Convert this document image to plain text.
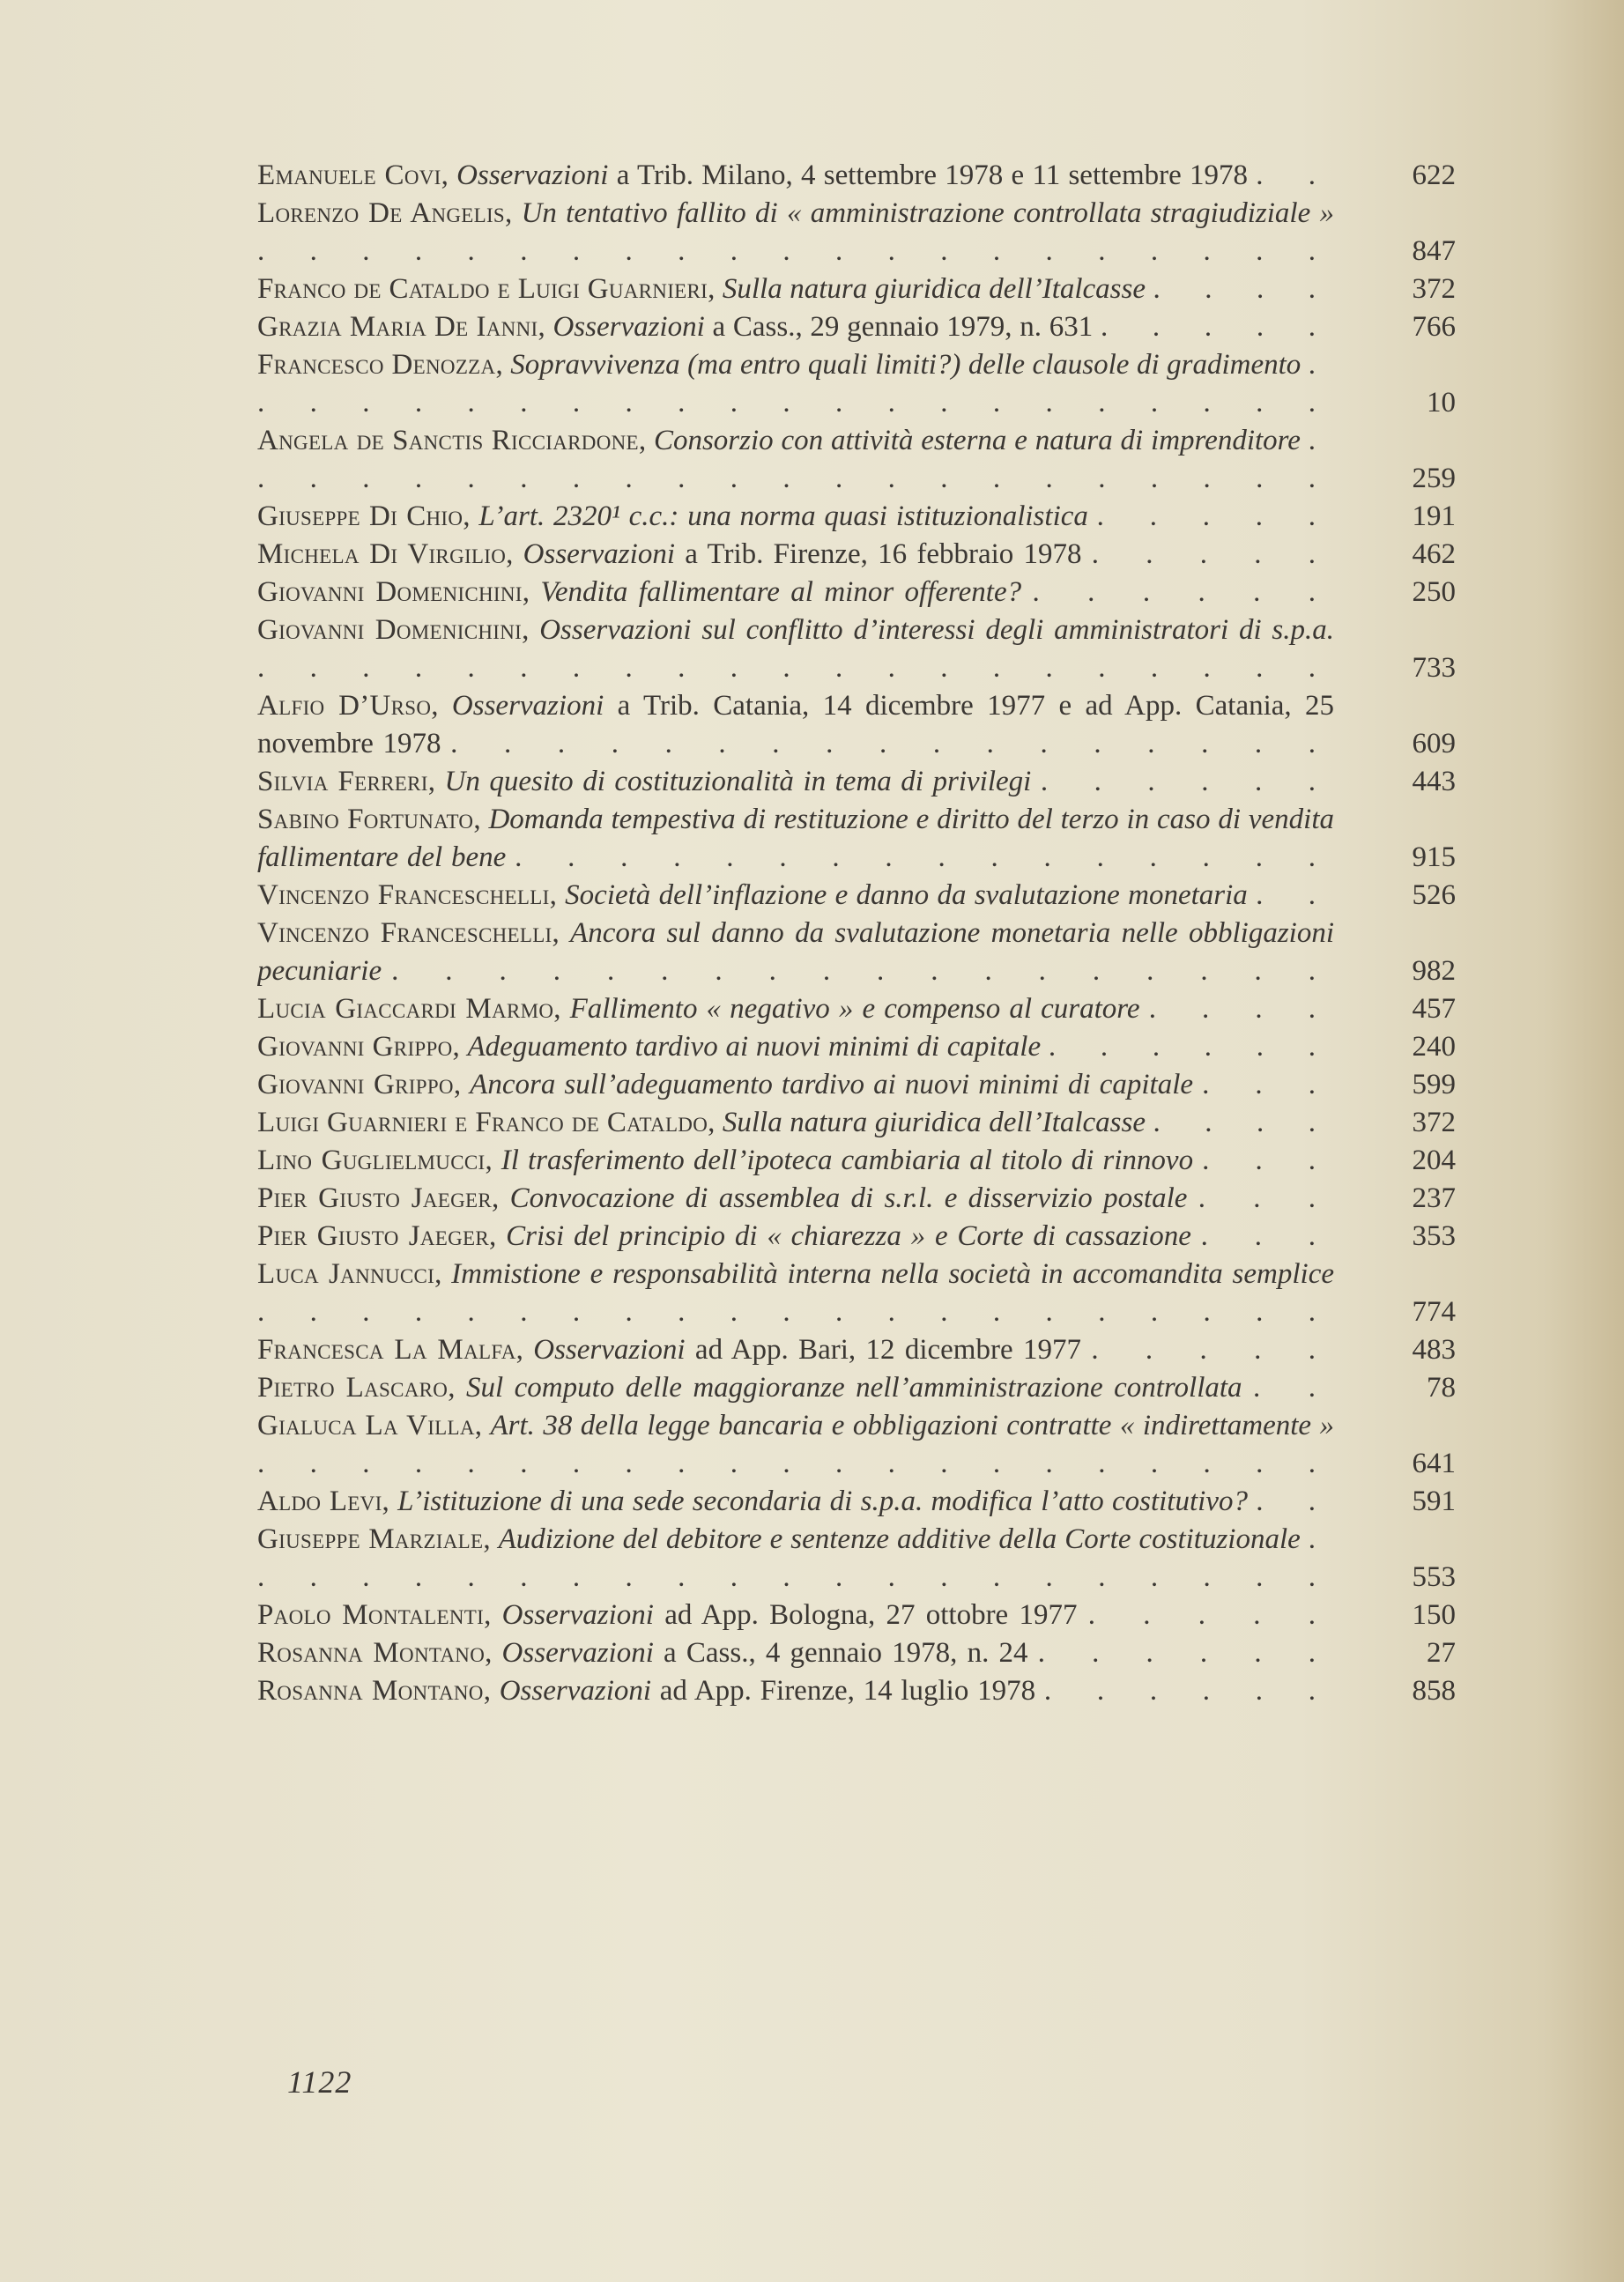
Emanuele Covi, Osservazioni a Trib. Milano, 4 settembre 1978 e 11 settembre 1978 . .	622
Lorenzo De Angelis, Un tentativo fallito di « amministrazione controllata stragiudiziale » . . . . . . . . . . . . . . . . . . . . .	847
Franco de Cataldo e Luigi Guarnieri, Sulla natura giuridica dell’Italcasse . . . .	372
Grazia Maria De Ianni, Osservazioni a Cass., 29 gennaio 1979, n. 631 . . . . .	766
Francesco Denozza, Sopravvivenza (ma entro quali limiti?) delle clausole di gradimento . . . . . . . . . . . . . . . . . . . . . .	10
Angela de Sanctis Ricciardone, Consorzio con attività esterna e natura di imprenditore . . . . . . . . . . . . . . . . . . . . . .	259
Giuseppe Di Chio, L’art. 2320¹ c.c.: una norma quasi istituzionalistica . . . . .	191
Michela Di Virgilio, Osservazioni a Trib. Firenze, 16 febbraio 1978 . . . . .	462
Giovanni Domenichini, Vendita fallimentare al minor offerente? . . . . . .	250
Giovanni Domenichini, Osservazioni sul conflitto d’interessi degli amministratori di s.p.a. . . . . . . . . . . . . . . . . . . . . .	733
Alfio D’Urso, Osservazioni a Trib. Catania, 14 dicembre 1977 e ad App. Catania, 25 novembre 1978 . . . . . . . . . . . . . . . . .	609
Silvia Ferreri, Un quesito di costituzionalità in tema di privilegi . . . . . .	443
Sabino Fortunato, Domanda tempestiva di restituzione e diritto del terzo in caso di vendita fallimentare del bene . . . . . . . . . . . . . . . .	915
Vincenzo Franceschelli, Società dell’inflazione e danno da svalutazione monetaria . .	526
Vincenzo Franceschelli, Ancora sul danno da svalutazione monetaria nelle obbligazioni pecuniarie . . . . . . . . . . . . . . . . . .	982
Lucia Giaccardi Marmo, Fallimento « negativo » e compenso al curatore . . . .	457
Giovanni Grippo, Adeguamento tardivo ai nuovi minimi di capitale . . . . . .	240
Giovanni Grippo, Ancora sull’adeguamento tardivo ai nuovi minimi di capitale . . .	599
Luigi Guarnieri e Franco de Cataldo, Sulla natura giuridica dell’Italcasse . . . .	372
Lino Guglielmucci, Il trasferimento dell’ipoteca cambiaria al titolo di rinnovo . . .	204
Pier Giusto Jaeger, Convocazione di assemblea di s.r.l. e disservizio postale . . .	237
Pier Giusto Jaeger, Crisi del principio di « chiarezza » e Corte di cassazione . . .	353
Luca Jannucci, Immistione e responsabilità interna nella società in accomandita semplice . . . . . . . . . . . . . . . . . . . . .	774
Francesca La Malfa, Osservazioni ad App. Bari, 12 dicembre 1977 . . . . .	483
Pietro Lascaro, Sul computo delle maggioranze nell’amministrazione controllata . .	78
Gialuca La Villa, Art. 38 della legge bancaria e obbligazioni contratte « indirettamente » . . . . . . . . . . . . . . . . . . . . .	641
Aldo Levi, L’istituzione di una sede secondaria di s.p.a. modifica l’atto costitutivo? . .	591
Giuseppe Marziale, Audizione del debitore e sentenze additive della Corte costituzionale . . . . . . . . . . . . . . . . . . . . . .	553
Paolo Montalenti, Osservazioni ad App. Bologna, 27 ottobre 1977 . . . . .	150
Rosanna Montano, Osservazioni a Cass., 4 gennaio 1978, n. 24 . . . . . .	27
Rosanna Montano, Osservazioni ad App. Firenze, 14 luglio 1978 . . . . . .	858
1122
